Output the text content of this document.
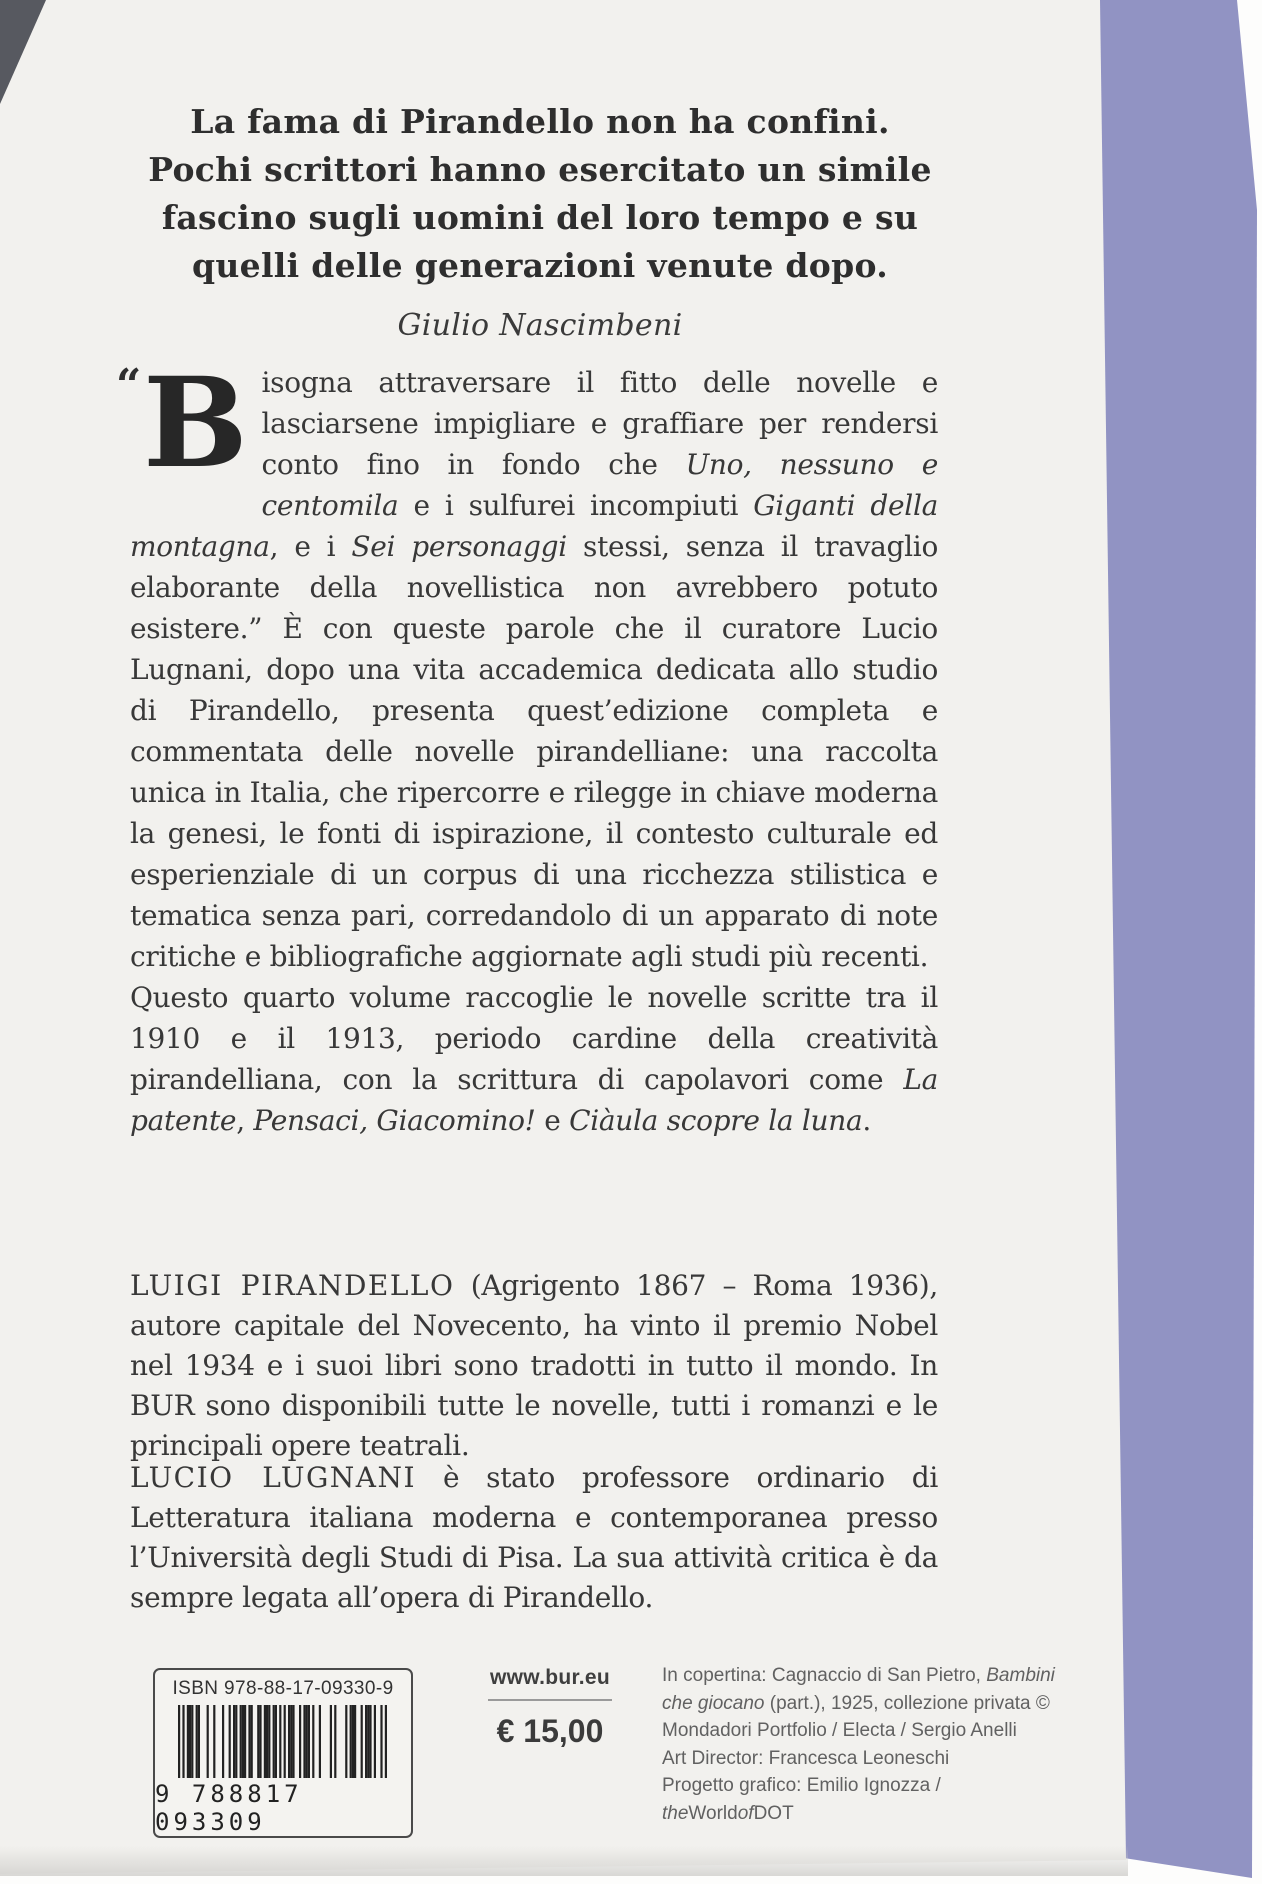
La fama di Pirandello non ha confini.
Pochi scrittori hanno esercitato un simile
fascino sugli uomini del loro tempo e su
quelli delle generazioni venute dopo.
Giulio Nascimbeni

“ B isogna attraversare il fitto delle novelle e lasciarsene impigliare e graffiare per rendersi conto fino in fondo che Uno, nessuno e centomila e i sulfurei incompiuti Giganti della montagna, e i Sei personaggi stessi, senza il travaglio elaborante della novellistica non avrebbero potuto esistere.” È con queste parole che il curatore Lucio Lugnani, dopo una vita accademica dedicata allo studio di Pirandello, presenta quest’edizione completa e commentata delle novelle pirandelliane: una raccolta unica in Italia, che ripercorre e rilegge in chiave moderna la genesi, le fonti di ispirazione, il contesto culturale ed esperienziale di un corpus di una ricchezza stilistica e tematica senza pari, corredandolo di un apparato di note critiche e bibliografiche aggiornate agli studi più recenti.

Questo quarto volume raccoglie le novelle scritte tra il 1910 e il 1913, periodo cardine della creatività pirandelliana, con la scrittura di capolavori come La patente, Pensaci, Giacomino! e Ciàula scopre la luna.

LUIGI PIRANDELLO (Agrigento 1867 – Roma 1936), autore capitale del Novecento, ha vinto il premio Nobel nel 1934 e i suoi libri sono tradotti in tutto il mondo. In BUR sono disponibili tutte le novelle, tutti i romanzi e le principali opere teatrali.
LUCIO LUGNANI è stato professore ordinario di Letteratura italiana moderna e contemporanea presso l’Università degli Studi di Pisa. La sua attività critica è da sempre legata all’opera di Pirandello.
ISBN 978-88-17-09330-9
9 788817 093309
www.bur.eu
€ 15,00

In copertina: Cagnaccio di San Pietro, Bambini che giocano (part.), 1925, collezione privata © Mondadori Portfolio / Electa / Sergio Anelli

Art Director: Francesca Leoneschi

Progetto grafico: Emilio Ignozza / theWorldofDOT
